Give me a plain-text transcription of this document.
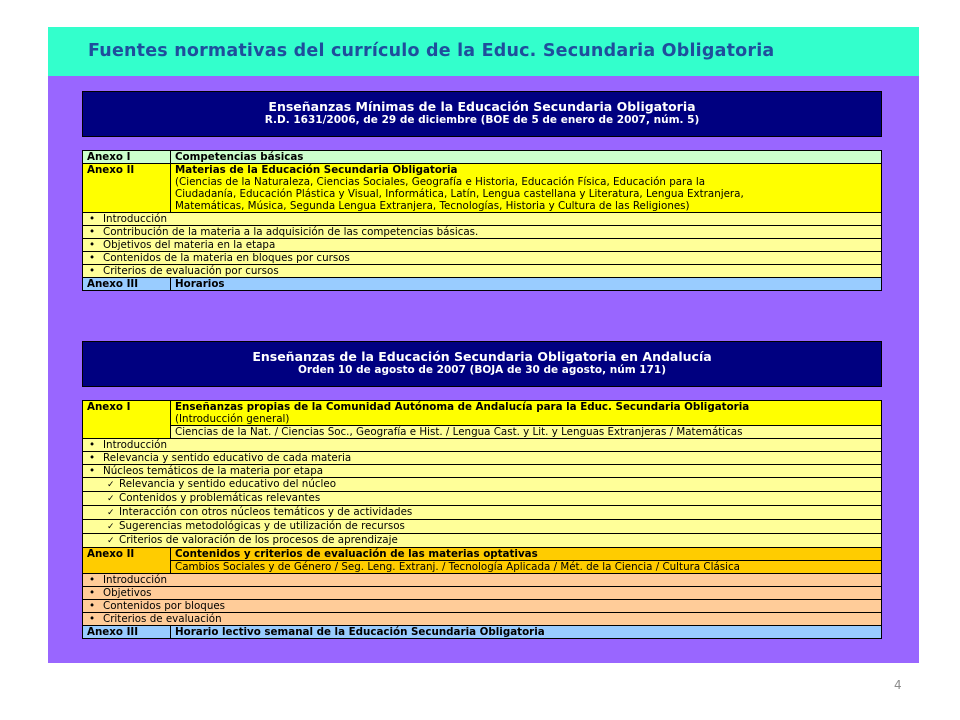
Fuentes normativas del currículo de la Educ. Secundaria Obligatoria
Enseñanzas Mínimas de la Educación Secundaria Obligatoria
R.D. 1631/2006, de 29 de diciembre (BOE de 5 de enero de 2007, núm. 5)
Anexo I	Competencias básicas
Anexo II	Materias de la Educación Secundaria Obligatoria
(Ciencias de la Naturaleza, Ciencias Sociales, Geografía e Historia, Educación Física, Educación para la
Ciudadanía, Educación Plástica y Visual, Informática, Latín, Lengua castellana y Literatura, Lengua Extranjera,
Matemáticas, Música, Segunda Lengua Extranjera, Tecnologías, Historia y Cultura de las Religiones)

• Introducción
• Contribución de la materia a la adquisición de las competencias básicas.
• Objetivos del materia en la etapa
• Contenidos de la materia en bloques por cursos
• Criterios de evaluación por cursos
Anexo III	Horarios
Enseñanzas de la Educación Secundaria Obligatoria en Andalucía
Orden 10 de agosto de 2007 (BOJA de 30 de agosto, núm 171)
Anexo I	Enseñanzas propias de la Comunidad Autónoma de Andalucía para la Educ. Secundaria Obligatoria
(Introducción general)

	Ciencias de la Nat. / Ciencias Soc., Geografía e Hist. / Lengua Cast. y Lit. y Lenguas Extranjeras / Matemáticas
• Introducción
• Relevancia y sentido educativo de cada materia
• Núcleos temáticos de la materia por etapa
✓ Relevancia y sentido educativo del núcleo
✓ Contenidos y problemáticas relevantes
✓ Interacción con otros núcleos temáticos y de actividades
✓ Sugerencias metodológicas y de utilización de recursos
✓ Criterios de valoración de los procesos de aprendizaje
Anexo II	Contenidos y criterios de evaluación de las materias optativas
	Cambios Sociales y de Género / Seg. Leng. Extranj. / Tecnología Aplicada / Mét. de la Ciencia / Cultura Clásica
• Introducción
• Objetivos
• Contenidos por bloques
• Criterios de evaluación
Anexo III	Horario lectivo semanal de la Educación Secundaria Obligatoria
4
